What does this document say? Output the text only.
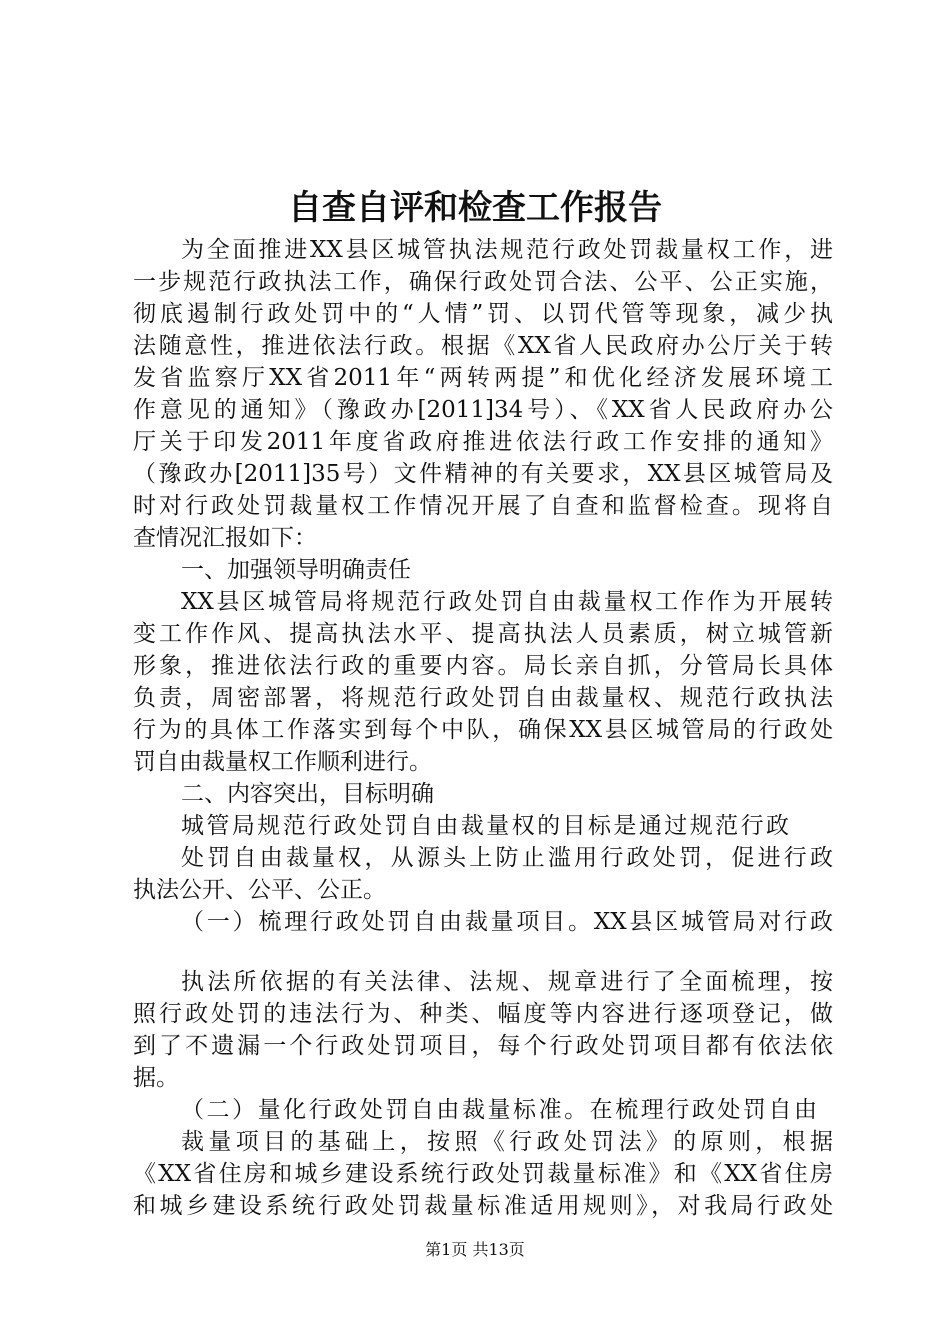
自查自评和检查工作报告
为全面推进XX县区城管执法规范行政处罚裁量权工作，进
一步规范行政执法工作，确保行政处罚合法、公平、公正实施，
彻底遏制行政处罚中的“人情”罚、以罚代管等现象，减少执
法随意性，推进依法行政。根据《XX省人民政府办公厅关于转
发省监察厅XX省2011年“两转两提”和优化经济发展环境工
作意见的通知》（豫政办[2011]34号）、《XX省人民政府办公
厅关于印发2011年度省政府推进依法行政工作安排的通知》
（豫政办[2011]35号）文件精神的有关要求，XX县区城管局及
时对行政处罚裁量权工作情况开展了自查和监督检查。现将自
查情况汇报如下：
一、加强领导明确责任
XX县区城管局将规范行政处罚自由裁量权工作作为开展转
变工作作风、提高执法水平、提高执法人员素质，树立城管新
形象，推进依法行政的重要内容。局长亲自抓，分管局长具体
负责，周密部署，将规范行政处罚自由裁量权、规范行政执法
行为的具体工作落实到每个中队，确保XX县区城管局的行政处
罚自由裁量权工作顺利进行。
二、内容突出，目标明确
城管局规范行政处罚自由裁量权的目标是通过规范行政
处罚自由裁量权，从源头上防止滥用行政处罚，促进行政
执法公开、公平、公正。
（一）梳理行政处罚自由裁量项目。XX县区城管局对行政
执法所依据的有关法律、法规、规章进行了全面梳理，按
照行政处罚的违法行为、种类、幅度等内容进行逐项登记，做
到了不遗漏一个行政处罚项目，每个行政处罚项目都有依法依
据。
（二）量化行政处罚自由裁量标准。在梳理行政处罚自由
裁量项目的基础上，按照《行政处罚法》的原则，根据
《XX省住房和城乡建设系统行政处罚裁量标准》和《XX省住房
和城乡建设系统行政处罚裁量标准适用规则》，对我局行政处
第1页 共13页
